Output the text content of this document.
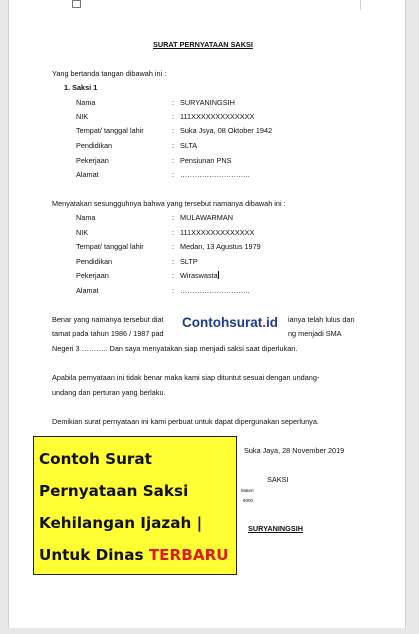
SURAT PERNYATAAN SAKSI
Yang bertanda tangan dibawah ini :
1. Saksi 1
Nama	: SURYANINGSIH
NIK	: 111XXXXXXXXXXXXX
Tempat/ tanggal lahir	: Suka Jsya, 08 Oktober 1942
Pendidikan	: SLTA
Pekerjaan	: Pensiunan PNS
Alamat	: ………………………..
Menyatakan sesungguhnya bahwa yang tersebut namanya dibawah ini :
Nama	: MULAWARMAN
NIK	: 111XXXXXXXXXXXXX
Tempat/ tanggal lahir	: Medan, 13 Agustus 1979
Pendidikan	: SLTP
Pekerjaan	: Wiraswasta
Alamat	: ………………………..
Benar yang namanya tersebut diat	ianya telah lulus dan
tamat pada tahun 1986 / 1987 pad	ng menjadi SMA
Negeri 3 ……….. Dan saya menyatakan siap menjadi saksi saat diperlukan.
Contohsurat.id
Apabila pernyataan ini tidak benar maka kami siap dituntut sesuai dengan undang-
undang dan perturan yang berlaku.
Demikian surat pernyataan ini kami perbuat untuk dapat dipergunakan seperlunya.
Suka Jaya, 28 November 2019
SAKSI
Materi
6000
SURYANINGSIH
Contoh Surat
Pernyataan Saksi
Kehilangan Ijazah |
Untuk Dinas TERBARU
